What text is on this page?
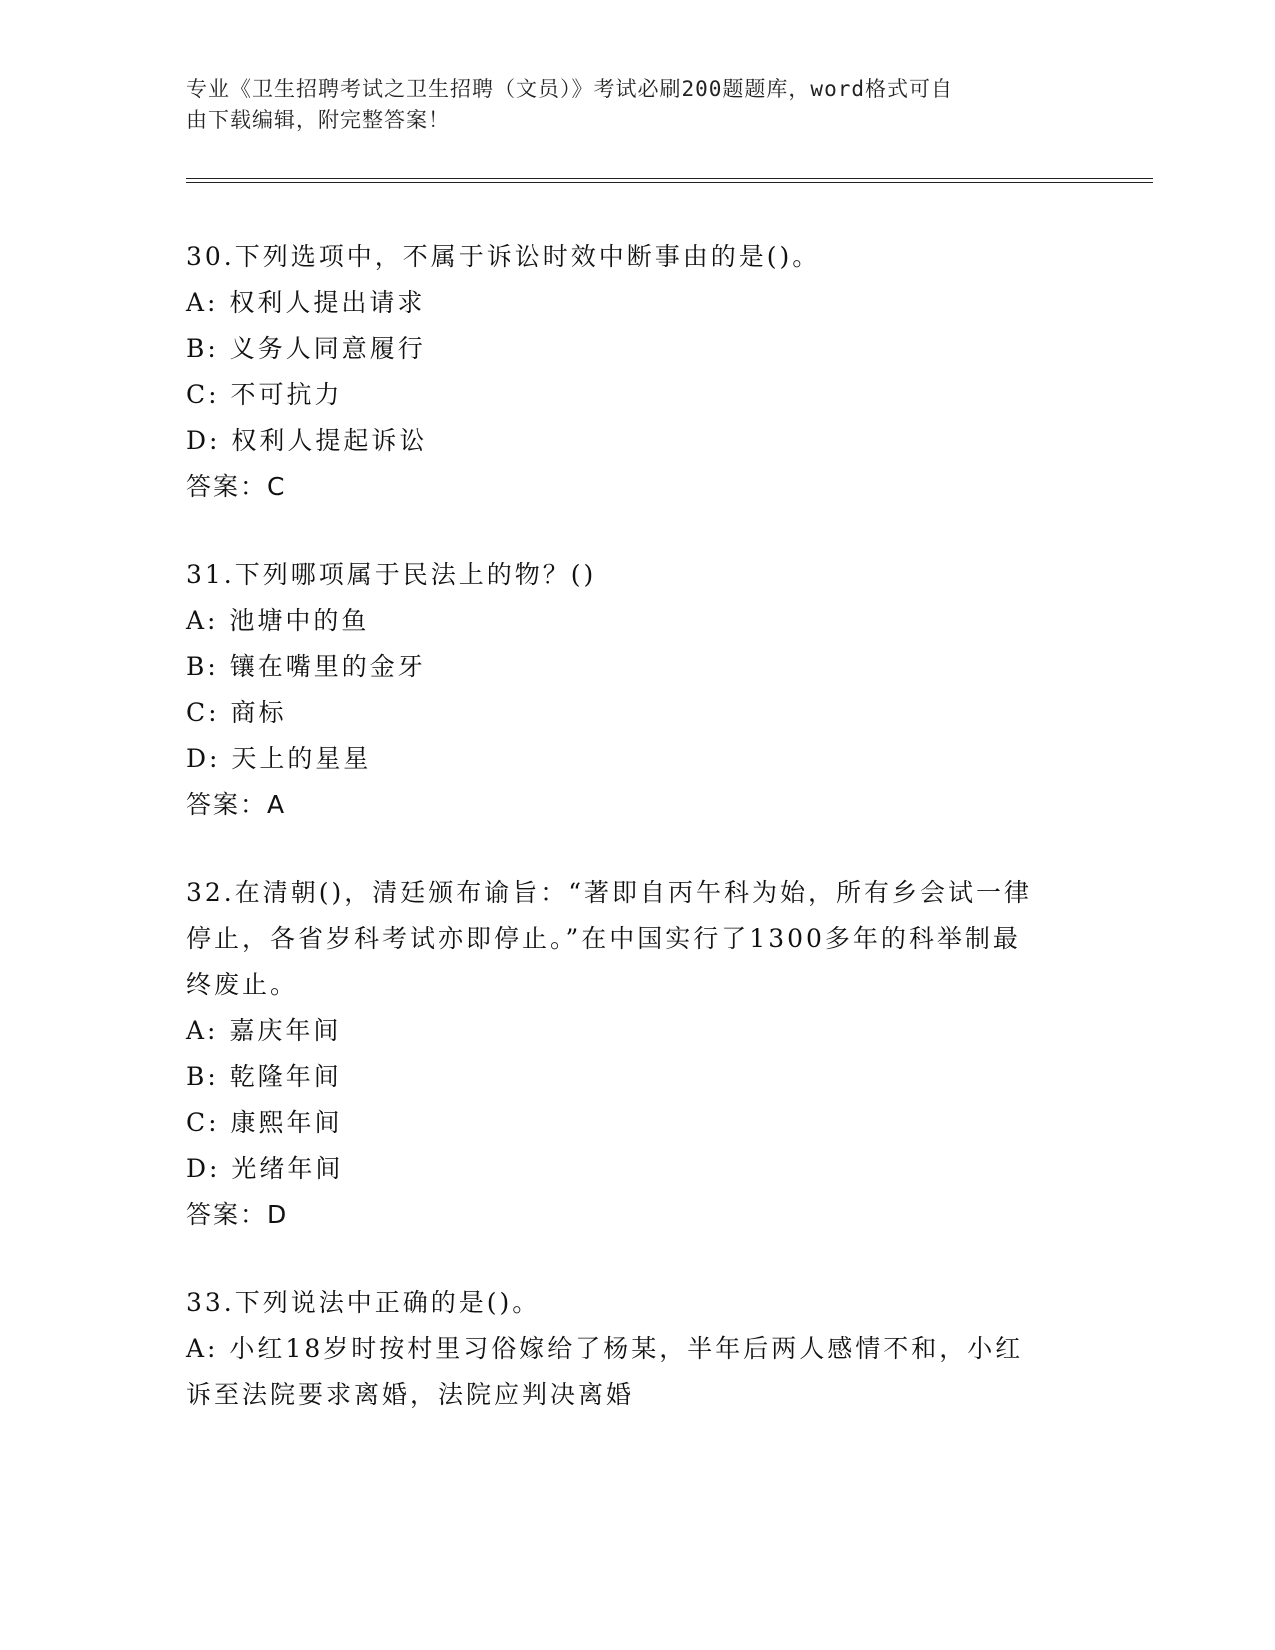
专业《卫生招聘考试之卫生招聘（文员）》考试必刷200题题库，word格式可自
由下载编辑，附完整答案！

30.下列选项中，不属于诉讼时效中断事由的是()。

A: 权利人提出请求

B: 义务人同意履行

C: 不可抗力

D: 权利人提起诉讼

答案：C

31.下列哪项属于民法上的物？()

A: 池塘中的鱼

B: 镶在嘴里的金牙

C: 商标

D: 天上的星星

答案：A

32.在清朝()，清廷颁布谕旨：“著即自丙午科为始，所有乡会试一律

停止，各省岁科考试亦即停止。”在中国实行了1300多年的科举制最

终废止。

A: 嘉庆年间

B: 乾隆年间

C: 康熙年间

D: 光绪年间

答案：D

33.下列说法中正确的是()。

A: 小红18岁时按村里习俗嫁给了杨某，半年后两人感情不和，小红

诉至法院要求离婚，法院应判决离婚
